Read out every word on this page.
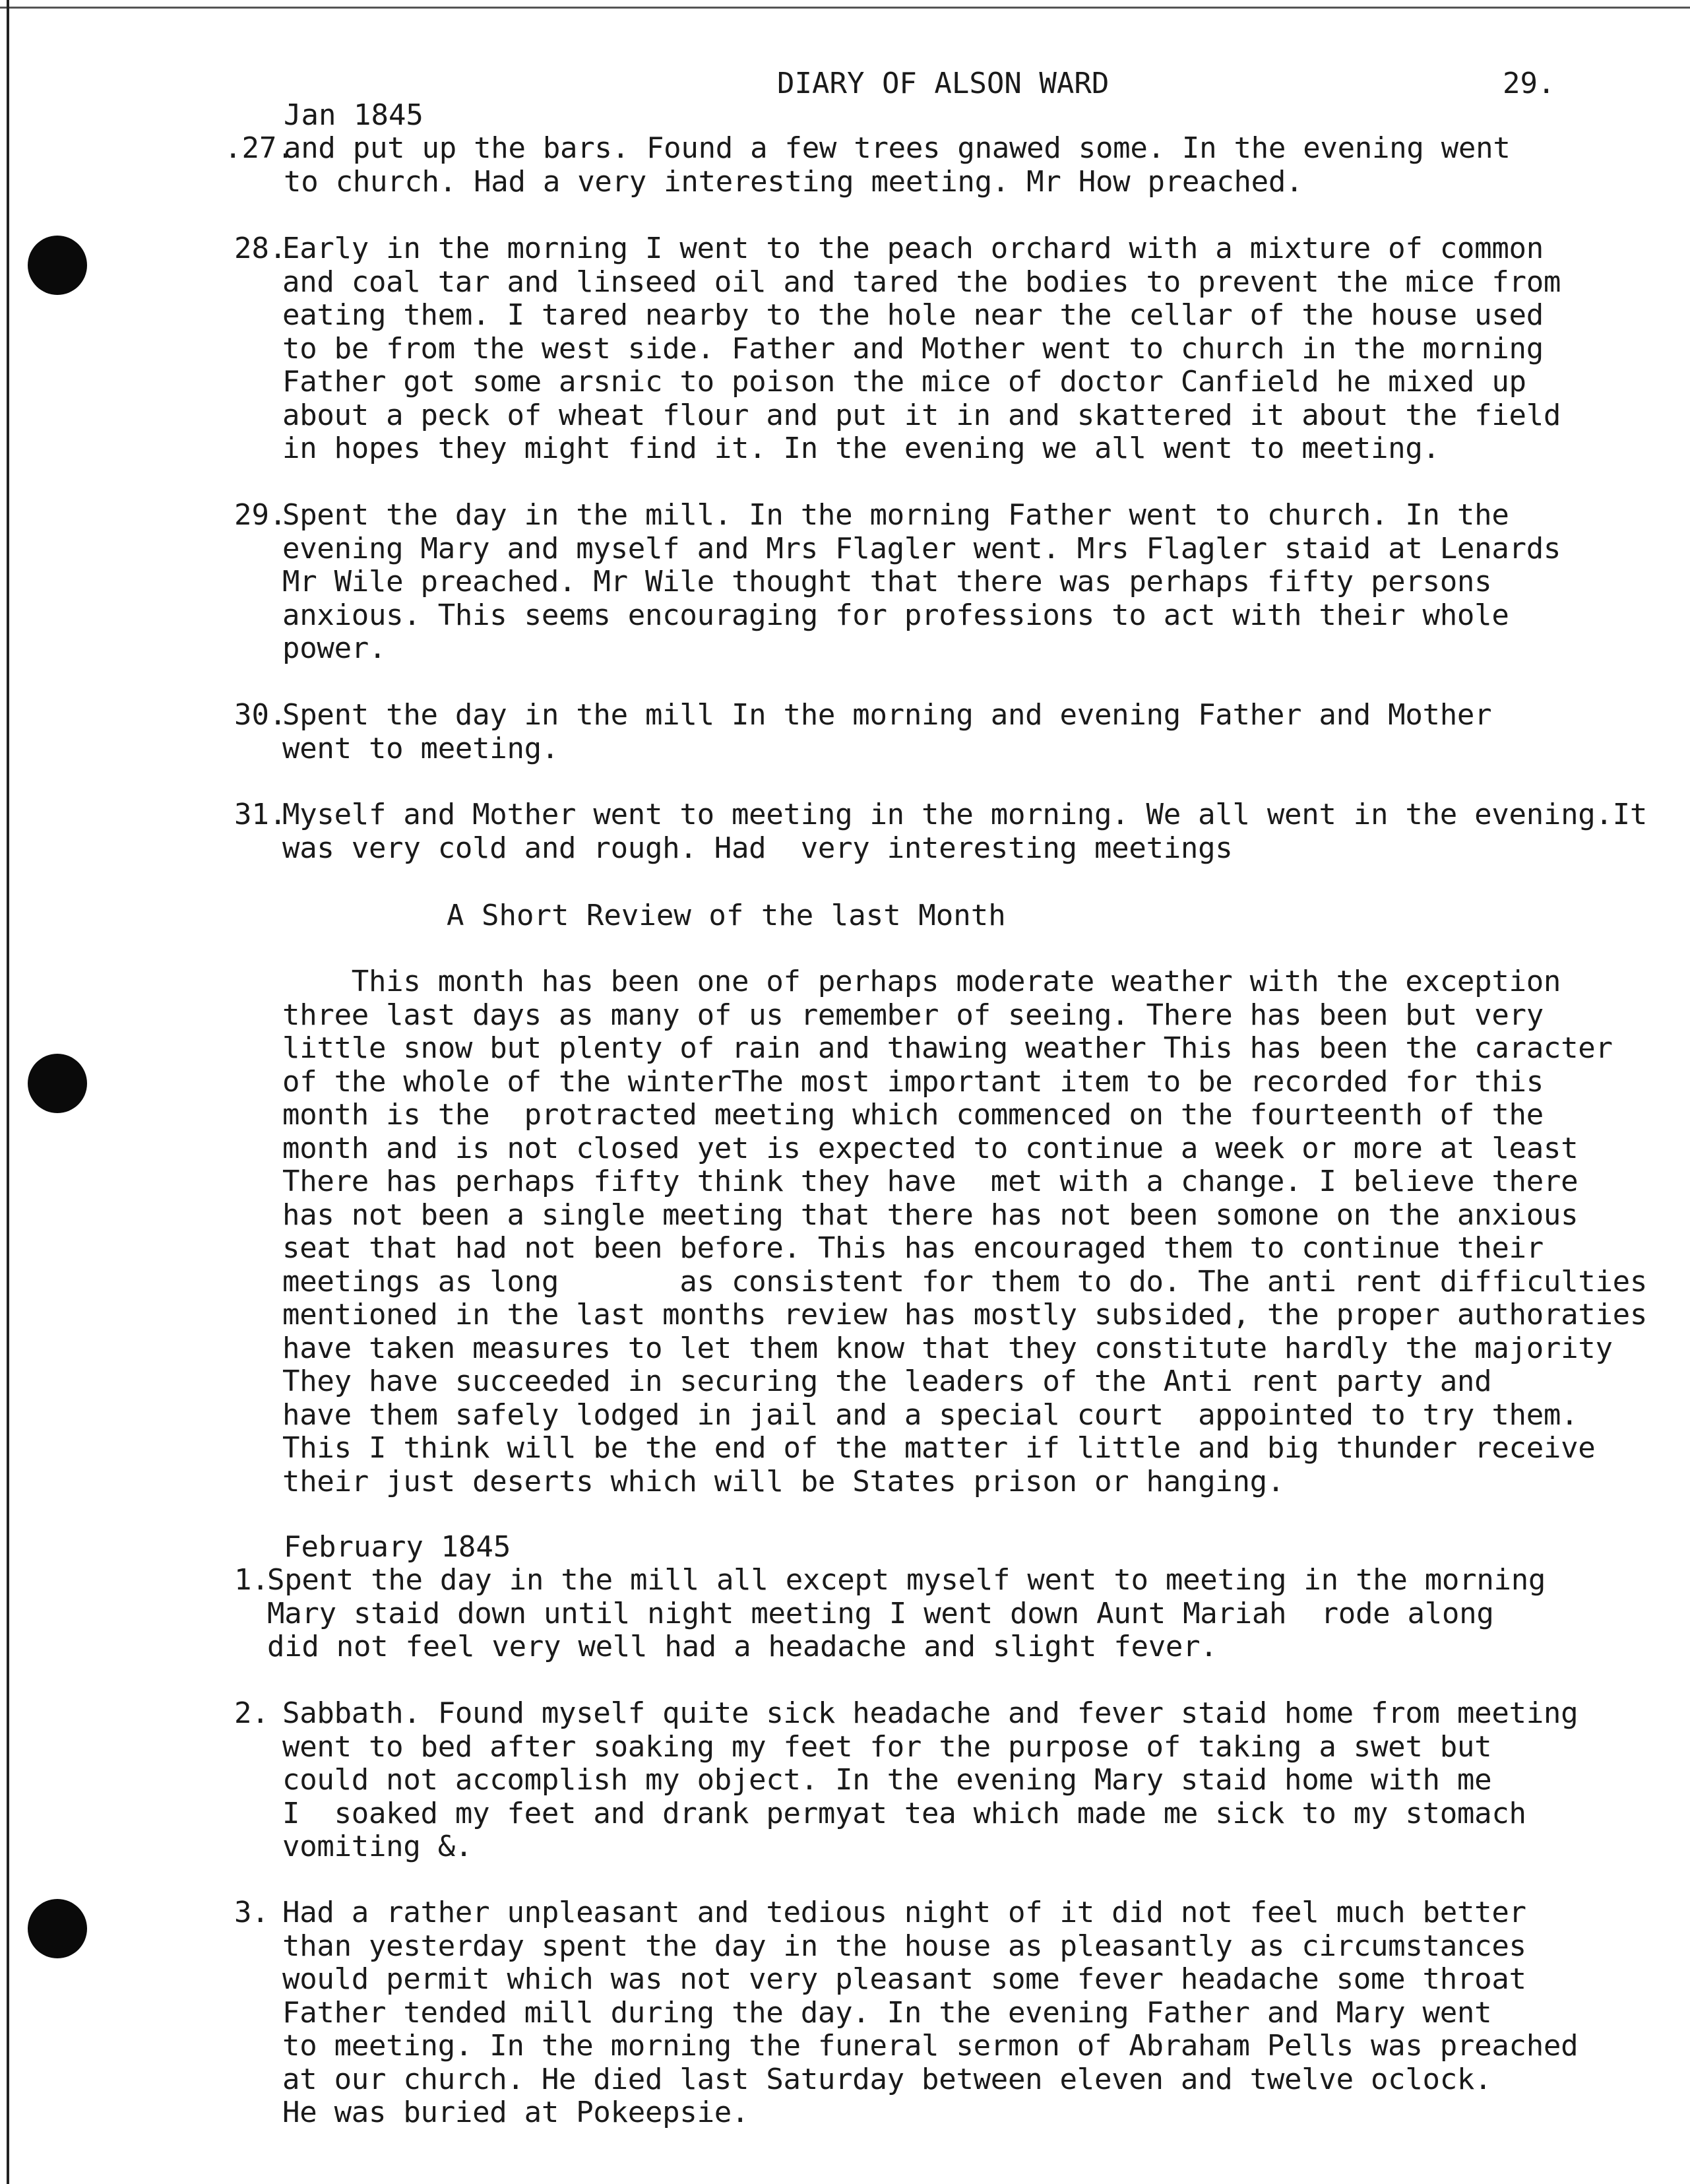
DIARY OF ALSON WARD	29.
Jan 1845
.27.
and put up the bars. Found a few trees gnawed some. In the evening went
to church. Had a very interesting meeting. Mr How preached.
28.
Early in the morning I went to the peach orchard with a mixture of common
and coal tar and linseed oil and tared the bodies to prevent the mice from
eating them. I tared nearby to the hole near the cellar of the house used
to be from the west side. Father and Mother went to church in the morning
Father got some arsnic to poison the mice of doctor Canfield he mixed up
about a peck of wheat flour and put it in and skattered it about the field
in hopes they might find it. In the evening we all went to meeting.
29.
Spent the day in the mill. In the morning Father went to church. In the
evening Mary and myself and Mrs Flagler went. Mrs Flagler staid at Lenards
Mr Wile preached. Mr Wile thought that there was perhaps fifty persons
anxious. This seems encouraging for professions to act with their whole
power.
30.
Spent the day in the mill In the morning and evening Father and Mother
went to meeting.
31.
Myself and Mother went to meeting in the morning. We all went in the evening.It
was very cold and rough. Had  very interesting meetings
A Short Review of the last Month
This month has been one of perhaps moderate weather with the exception
three last days as many of us remember of seeing. There has been but very
little snow but plenty of rain and thawing weather This has been the caracter
of the whole of the winterThe most important item to be recorded for this
month is the  protracted meeting which commenced on the fourteenth of the
month and is not closed yet is expected to continue a week or more at least
There has perhaps fifty think they have  met with a change. I believe there
has not been a single meeting that there has not been somone on the anxious
seat that had not been before. This has encouraged them to continue their
meetings as long       as consistent for them to do. The anti rent difficulties
mentioned in the last months review has mostly subsided, the proper authoraties
have taken measures to let them know that they constitute hardly the majority
They have succeeded in securing the leaders of the Anti rent party and
have them safely lodged in jail and a special court  appointed to try them.
This I think will be the end of the matter if little and big thunder receive
their just deserts which will be States prison or hanging.
February 1845
1.
Spent the day in the mill all except myself went to meeting in the morning
Mary staid down until night meeting I went down Aunt Mariah  rode along
did not feel very well had a headache and slight fever.
2. Sabbath. Found myself quite sick headache and fever staid home from meeting
went to bed after soaking my feet for the purpose of taking a swet but
could not accomplish my object. In the evening Mary staid home with me
I  soaked my feet and drank permyat tea which made me sick to my stomach
vomiting &.
3. Had a rather unpleasant and tedious night of it did not feel much better
than yesterday spent the day in the house as pleasantly as circumstances
would permit which was not very pleasant some fever headache some throat
Father tended mill during the day. In the evening Father and Mary went
to meeting. In the morning the funeral sermon of Abraham Pells was preached
at our church. He died last Saturday between eleven and twelve oclock.
He was buried at Pokeepsie.
